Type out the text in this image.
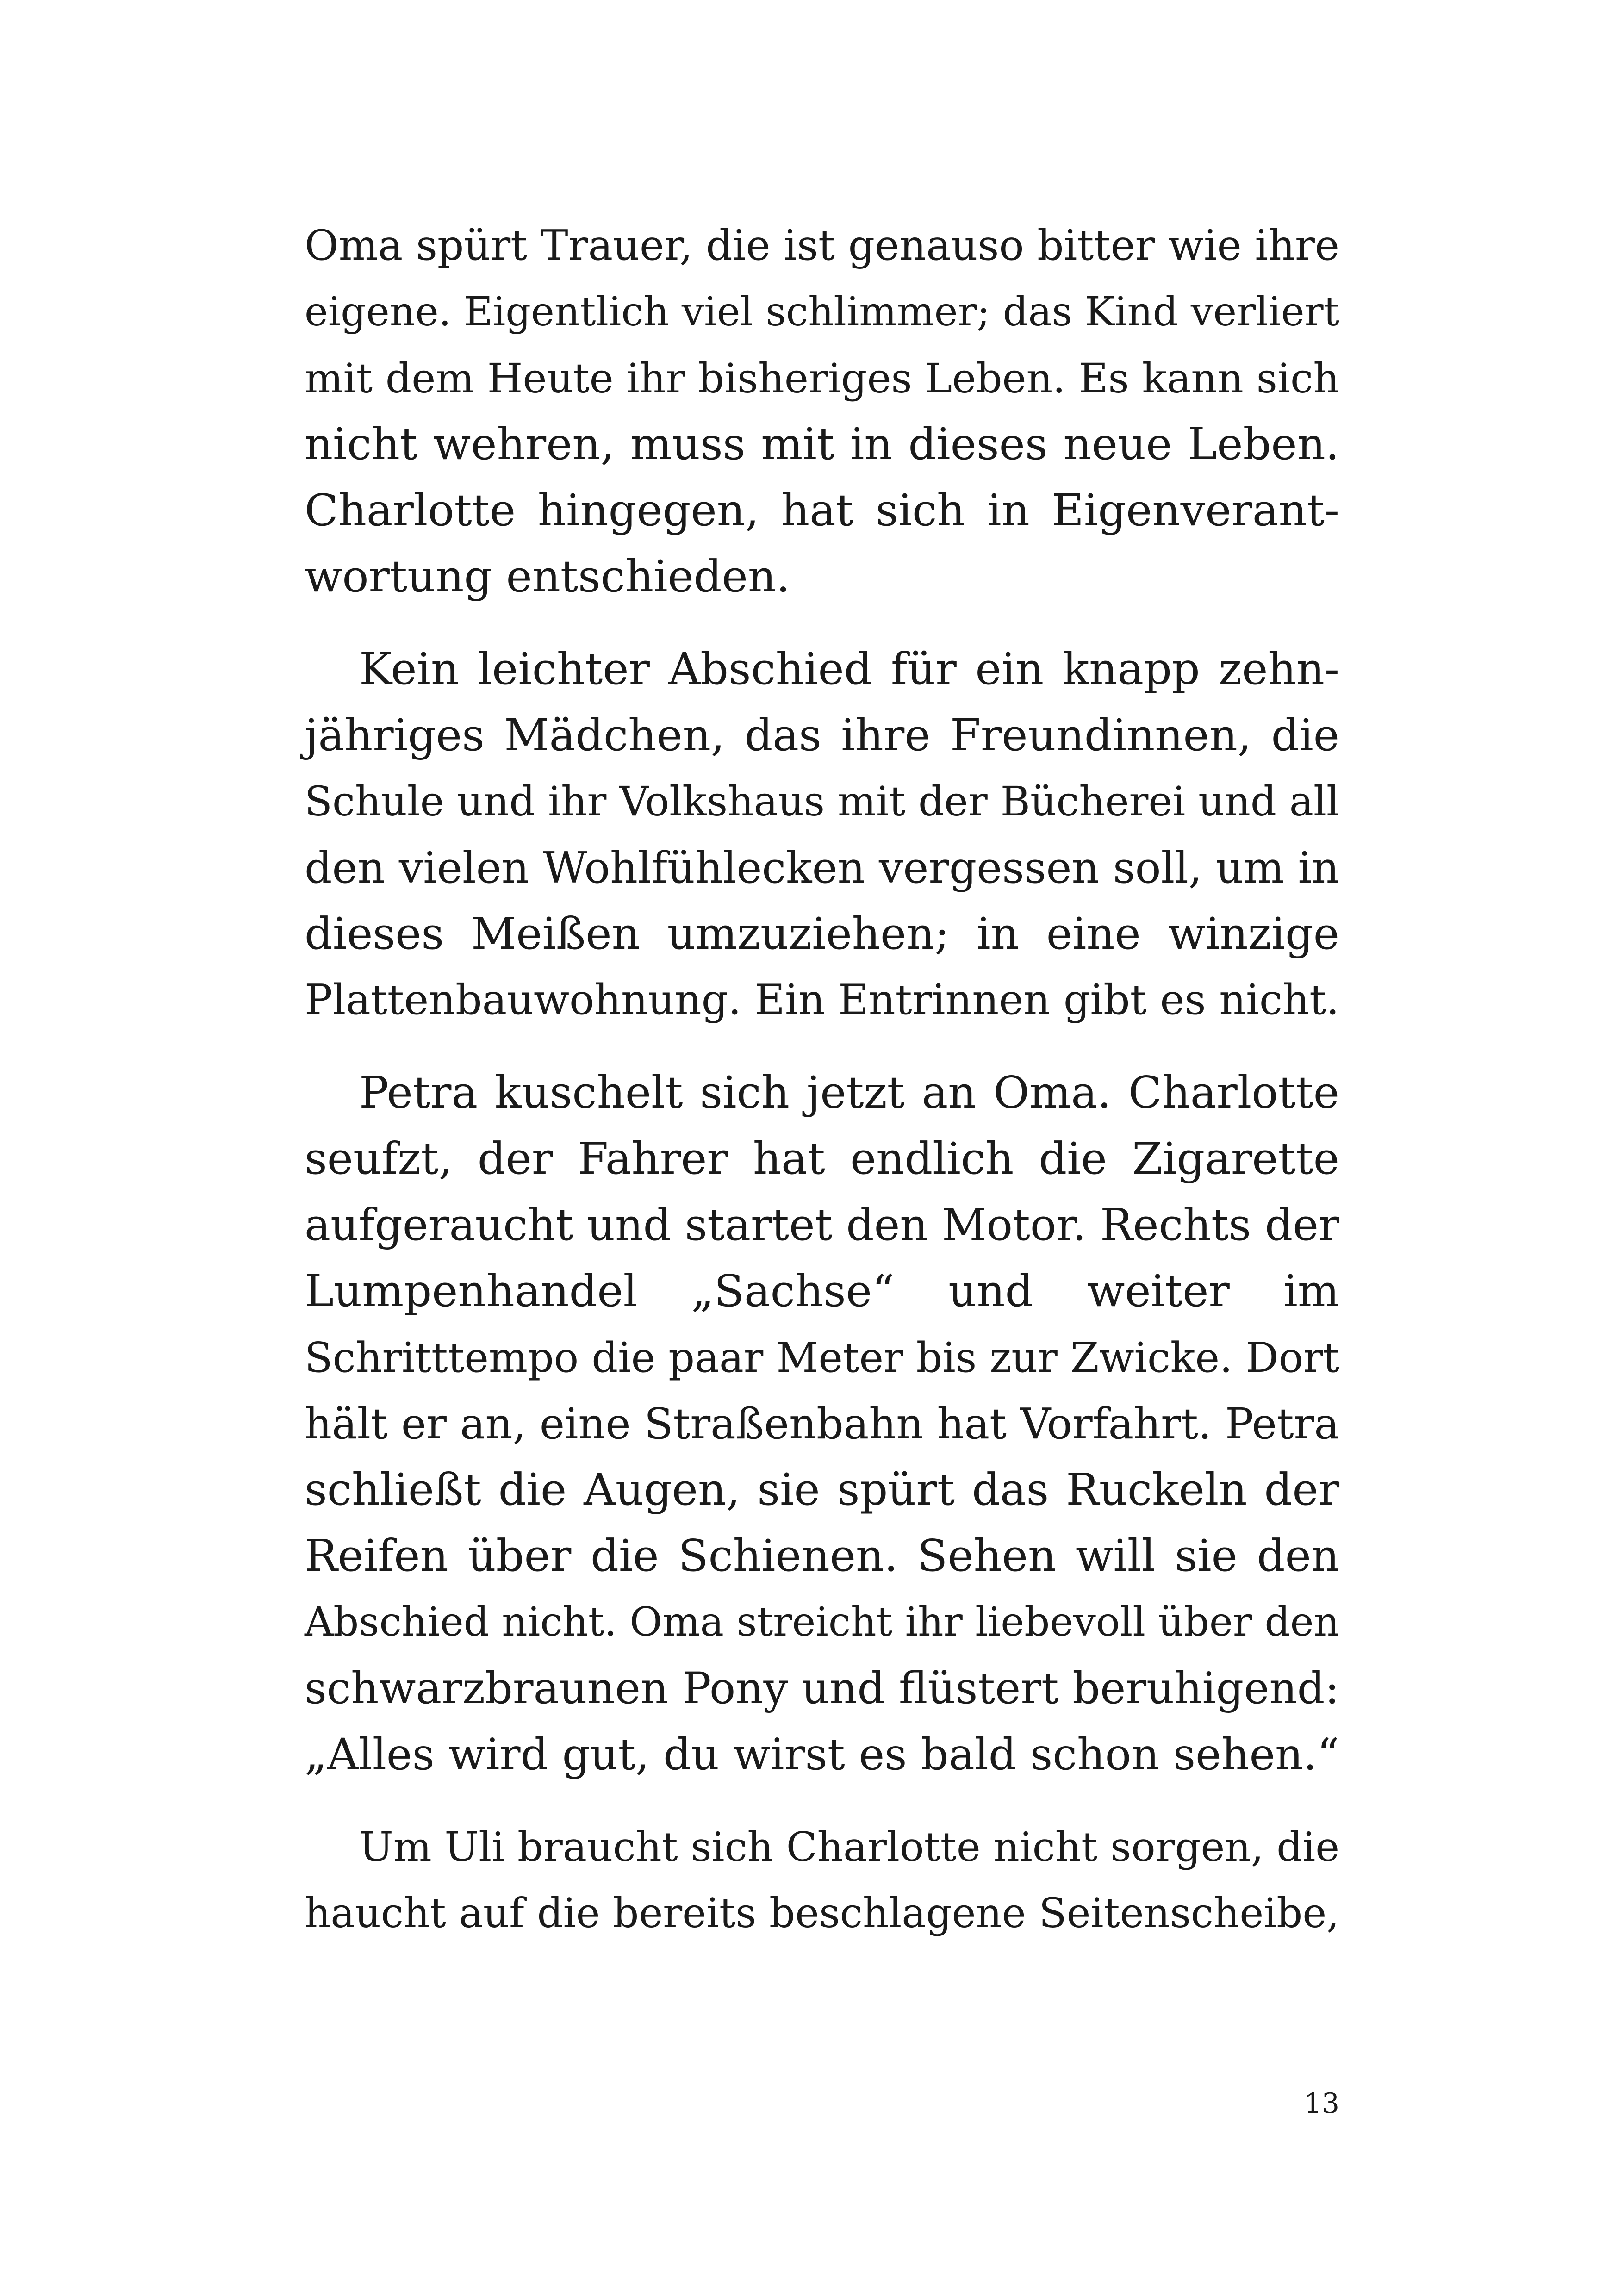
Oma spürt Trauer, die ist genauso bitter wie ihre
eigene. Eigentlich viel schlimmer; das Kind verliert
mit dem Heute ihr bisheriges Leben. Es kann sich
nicht wehren, muss mit in dieses neue Leben.
Charlotte hingegen, hat sich in Eigenverant-
wortung entschieden.
Kein leichter Abschied für ein knapp zehn-
jähriges Mädchen, das ihre Freundinnen, die
Schule und ihr Volkshaus mit der Bücherei und all
den vielen Wohlfühlecken vergessen soll, um in
dieses Meißen umzuziehen; in eine winzige
Plattenbauwohnung. Ein Entrinnen gibt es nicht.
Petra kuschelt sich jetzt an Oma. Charlotte
seufzt, der Fahrer hat endlich die Zigarette
aufgeraucht und startet den Motor. Rechts der
Lumpenhandel „Sachse“ und weiter im
Schritttempo die paar Meter bis zur Zwicke. Dort
hält er an, eine Straßenbahn hat Vorfahrt. Petra
schließt die Augen, sie spürt das Ruckeln der
Reifen über die Schienen. Sehen will sie den
Abschied nicht. Oma streicht ihr liebevoll über den
schwarzbraunen Pony und flüstert beruhigend:
„Alles wird gut, du wirst es bald schon sehen.“
Um Uli braucht sich Charlotte nicht sorgen, die
haucht auf die bereits beschlagene Seitenscheibe,
13
